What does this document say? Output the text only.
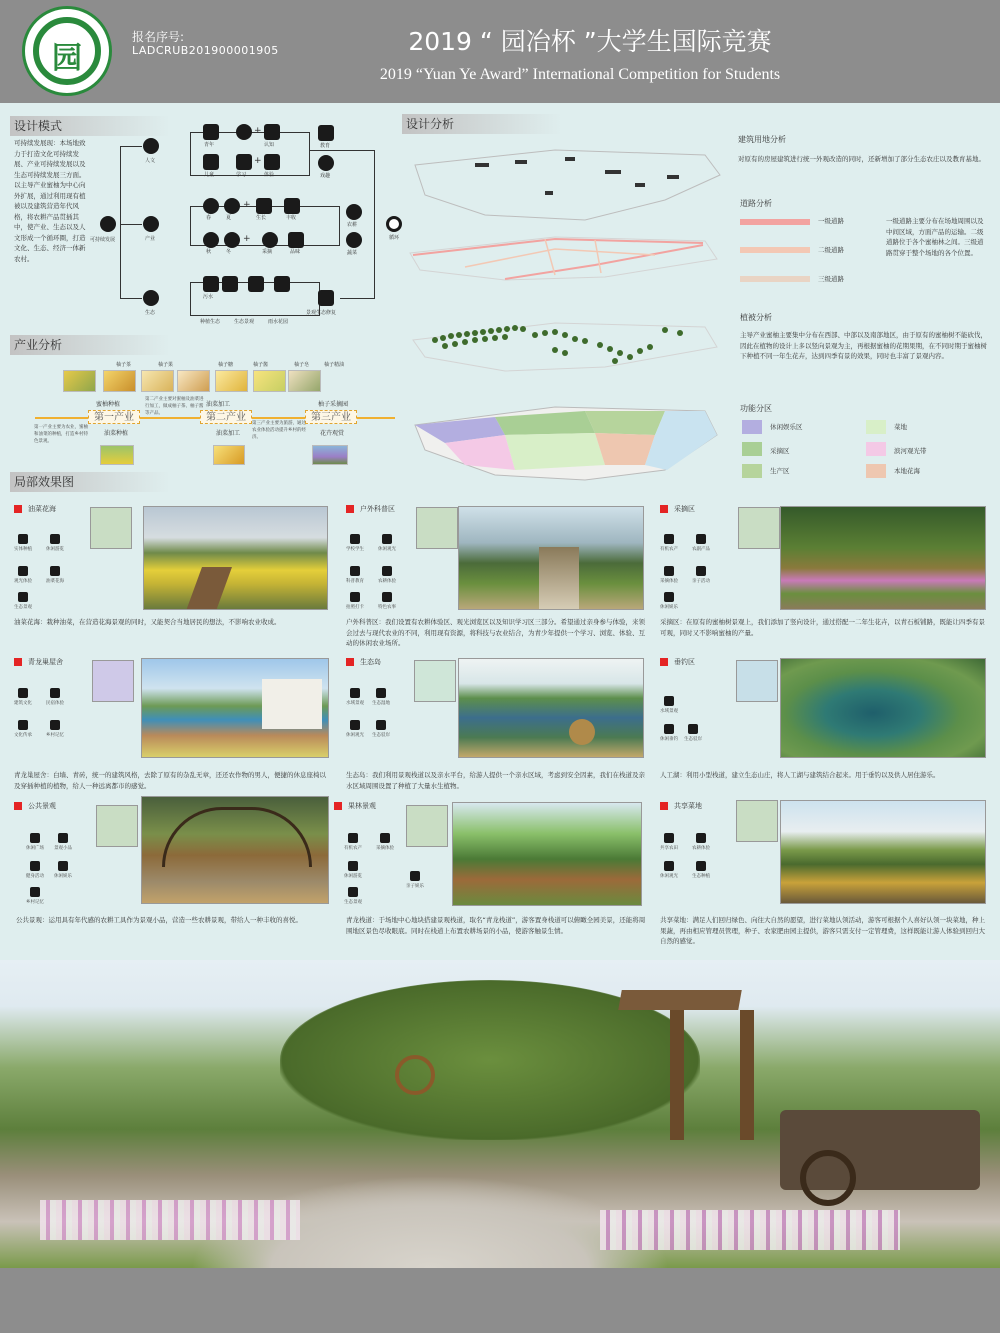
园
报名序号:
LADCRUB201900001905	2019 “ 园冶杯 ”大学生国际竞赛
2019 “Yuan Ye Award” International Competition for Students
设计模式
可持续发展现：本场地致力于打造文化可持续发展、产业可持续发展以及生态可持续发展三方面。以主导产业蜜柚为中心向外扩展，通过利用现有植被以及建筑营造年代风格，将农耕产品贯插其中，使产业、生态以及人文形成一个循环圈，打造文化、生态、经济一体新农村。
人文
产业
生态
可持续发展
青年
+
认知
儿童	学习
+
体验
教育
戏趣
春	夏
+
生长	丰收
秋	冬
+
采摘	品味
农耕
蔬菜
循环
污水
种植生态	生态景观	雨水花园
景观生态修复
产业分析
柚子茶	柚子果	柚子糖	柚子酱	柚子皂	柚子精油
蜜柚种植	油菜加工	柚子采摘园
第一产业	第二产业	第三产业
油菜种植	油菜加工	花卉观赏
第一产业主要为农业，蜜柚和油菜的种植，打造乡村特色景观。
第二产业主要对蜜柚及油菜进行加工，做成柚子茶、柚子酱等产品。
第三产业主要为旅游，通过农业体验活动提升乡村的经济。
设计分析
建筑用地分析
对原有的房屋建筑进行统一外观改造的同时，还新增加了部分生态农庄以及教育基地。
道路分析
一级道路
二级道路
三级道路
一级道路主要分布在场地周围以及中间区域，方面产品的运输。二级道路位于各个蜜柚林之间。三级道路贯穿于整个场地的各个位置。
植被分析
主导产业蜜柚主要集中分布在西部、中部以及南部地区，由于原有的蜜柚树不能砍伐，因此在植物的设计上多以竖向景观为主，再根据蜜柚的花期果期，在不同时期于蜜柚树下种植不同一年生花卉，达到四季有景的效果，同时也丰富了景观内容。
功能分区
休闲娱乐区	菜地
采摘区	滨河观光带
生产区	本地花海
局部效果图
油菜花海
实体种植	休闲游览
观光体验	油菜花海
生态景观
油菜花海：栽种油菜，在营造花海景观的同时，又能契合当地居民的想法，不影响农业收成。
户外科普区
学校学生	休闲观光
科普教育	农耕体验
拍照打卡	特色农事
户外科普区：我们设置有农耕体验区、观光浏览区以及知识学习区三部分。希望通过亲身参与体验，来领会过去与现代农业的不同，利用现有资源，将科技与农业结合，为青少年提供一个学习、浏览、体验、互动的休闲农业场所。
采摘区
有机农产	农副产品
采摘体验	亲子活动
休闲娱乐
采摘区：在原有的蜜柚树景观上，我们添加了竖向设计，通过搭配一二年生花卉，以青石板铺路，既能让四季有景可观，同时又不影响蜜柚的产量。
青龙巢屋舍
建筑文化	民宿体验
文化传承	乡村记忆
青龙巢屋舍：白墙、青砖，统一的建筑风格，去除了原有的杂乱无章，还还农作物的男人，便捷的休息座椅以及穿插种植的植物，给人一种远离都市的感觉。
生态岛
水域景观 生态湿地
休闲观光 生态驳岸
生态岛：我们利用景观栈道以及亲水平台，给游人提供一个亲水区域，考虑到安全因素，我们在栈道及亲水区域周围设置了种植了大量水生植物。
垂钓区
水域景观
休闲垂钓 生态驳岸
人工湖：利用小型栈道，建立生态山庄，将人工湖与建筑结合起来。用于垂钓以及供人居住游乐。
公共景观
休闲广场 景观小品
健身活动 休闲娱乐
乡村记忆
公共景观：运用具有年代感的农耕工具作为景观小品，营造一些农耕景观，带给人一种丰收的喜悦。
果林景观
有机农产	采摘体验
休闲游览
亲子娱乐
生态景观
青龙栈道：于场地中心地块搭建景观栈道，取名“青龙栈道”，游客置身栈道可以俯瞰全园美景，还能将周围地区景色尽收眼底。同时在栈道上布置农耕场景的小品，使游客触景生情。
共享菜地
共享农田	农耕体验
休闲观光	生态种植
共享菜地：满足人们回归绿色、向往大自然的愿望，进行菜地认领活动，游客可根据个人喜好认领一块菜地，种上果蔬，再由相应管理员管理，种子、农家肥由园主提供，游客只需支付一定管理费，这样既能让游人体验到回归大自然的感觉。
